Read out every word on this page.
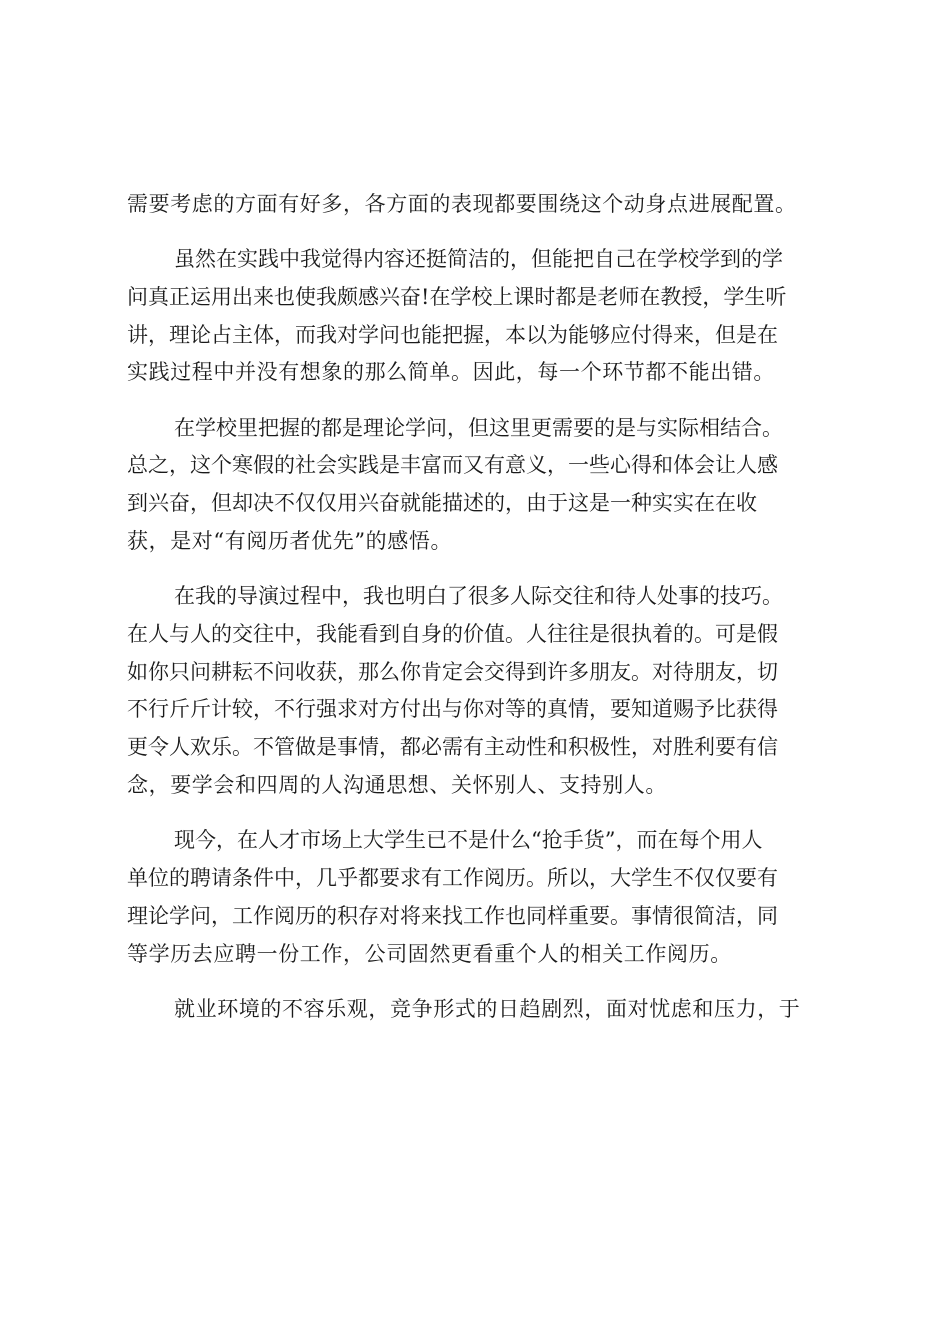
需要考虑的方面有好多，各方面的表现都要围绕这个动身点进展配置。
虽然在实践中我觉得内容还挺简洁的，但能把自己在学校学到的学
问真正运用出来也使我颇感兴奋!在学校上课时都是老师在教授，学生听
讲，理论占主体，而我对学问也能把握，本以为能够应付得来，但是在
实践过程中并没有想象的那么简单。因此，每一个环节都不能出错。
在学校里把握的都是理论学问，但这里更需要的是与实际相结合。
总之，这个寒假的社会实践是丰富而又有意义，一些心得和体会让人感
到兴奋，但却决不仅仅用兴奋就能描述的，由于这是一种实实在在收
获，是对“有阅历者优先”的感悟。
在我的导演过程中，我也明白了很多人际交往和待人处事的技巧。
在人与人的交往中，我能看到自身的价值。人往往是很执着的。可是假
如你只问耕耘不问收获，那么你肯定会交得到许多朋友。对待朋友，切
不行斤斤计较，不行强求对方付出与你对等的真情，要知道赐予比获得
更令人欢乐。不管做是事情，都必需有主动性和积极性，对胜利要有信
念，要学会和四周的人沟通思想、关怀别人、支持别人。
现今，在人才市场上大学生已不是什么“抢手货”，而在每个用人
单位的聘请条件中，几乎都要求有工作阅历。所以，大学生不仅仅要有
理论学问，工作阅历的积存对将来找工作也同样重要。事情很简洁，同
等学历去应聘一份工作，公司固然更看重个人的相关工作阅历。
就业环境的不容乐观，竞争形式的日趋剧烈，面对忧虑和压力，于
